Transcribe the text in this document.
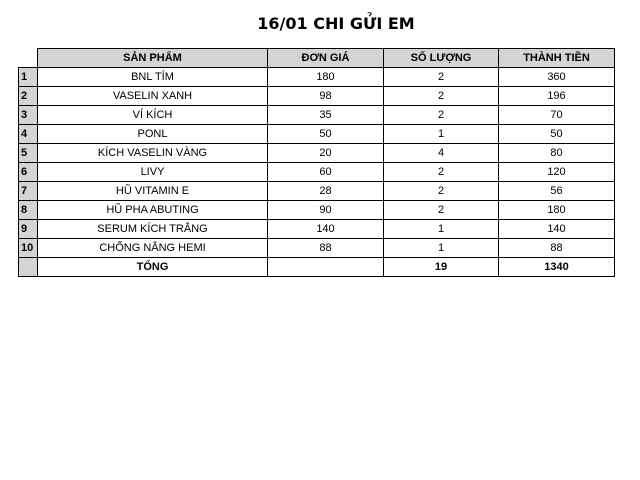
16/01 CHI GỬI EM
	SẢN PHẨM	ĐƠN GIÁ	SỐ LƯỢNG	THÀNH TIỀN
1	BNL TÍM	180	2	360
2	VASELIN XANH	98	2	196
3	VÍ KÍCH	35	2	70
4	PONL	50	1	50
5	KÍCH VASELIN VÀNG	20	4	80
6	LIVY	60	2	120
7	HŨ VITAMIN E	28	2	56
8	HŨ PHA ABUTING	90	2	180
9	SERUM KÍCH TRẮNG	140	1	140
10	CHỐNG NẮNG HEMI	88	1	88
	TỔNG		19	1340
